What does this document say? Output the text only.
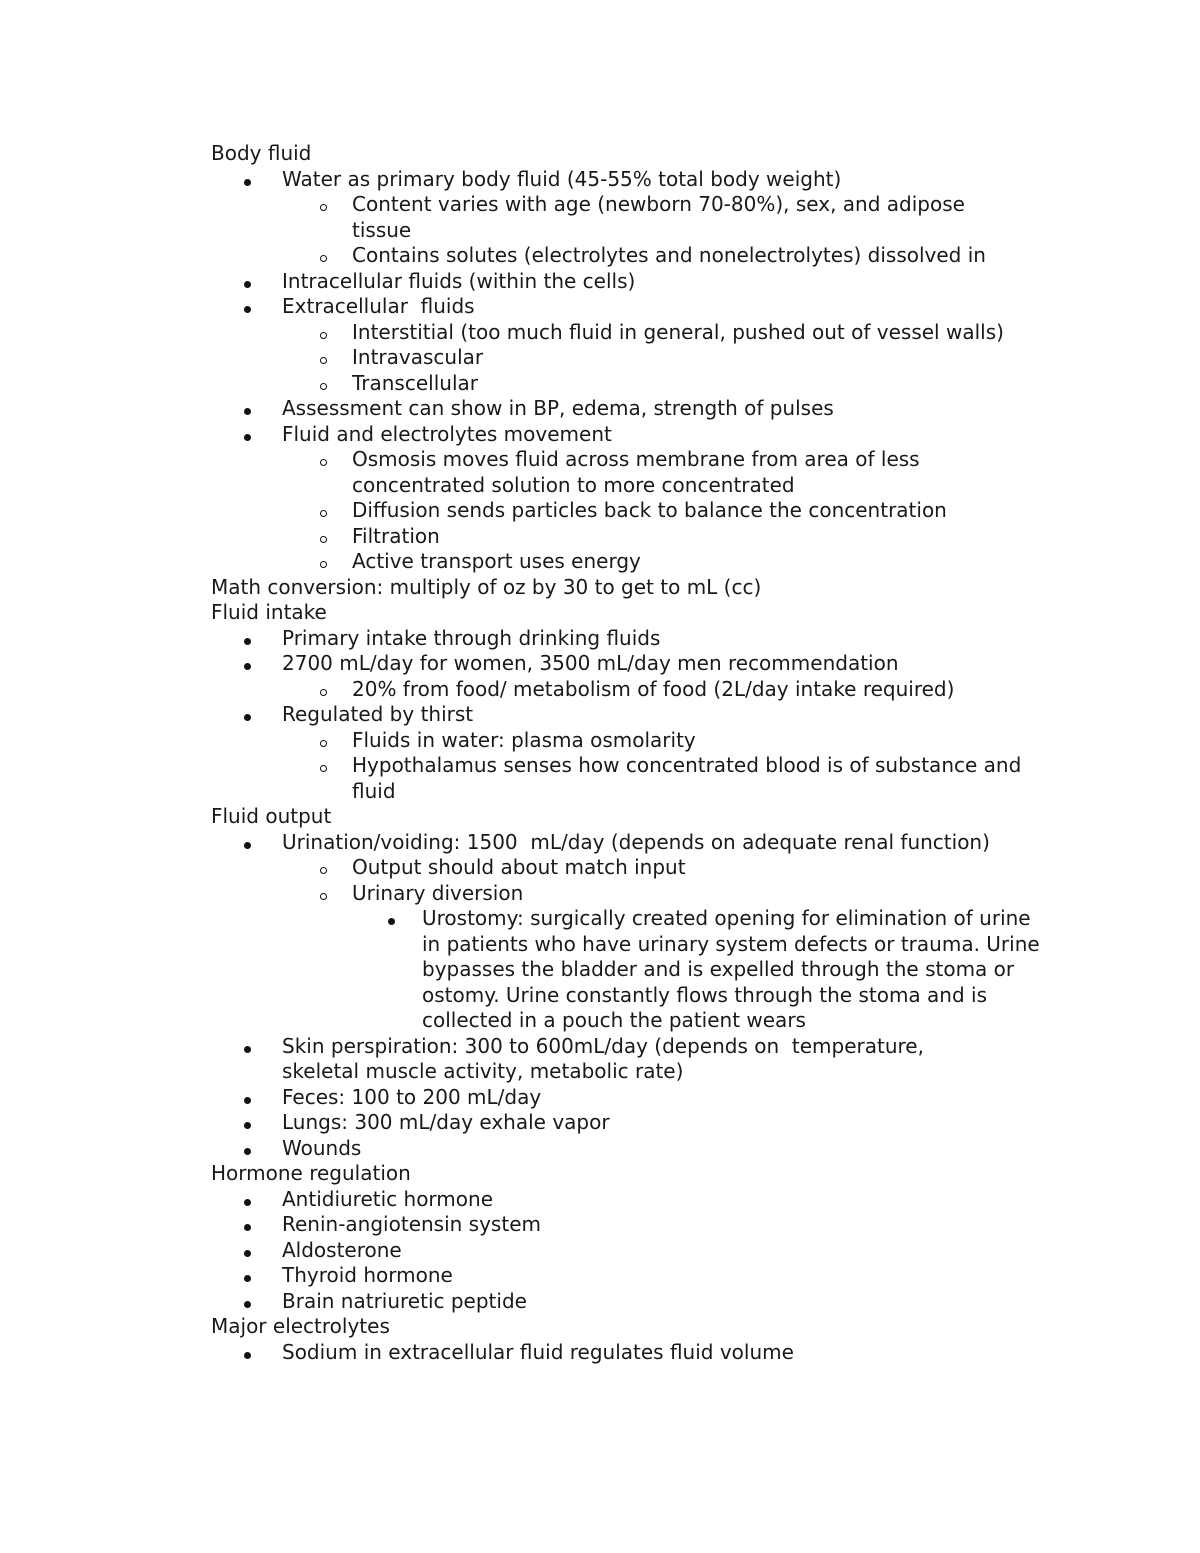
Body fluid
Water as primary body fluid (45-55% total body weight)
Content varies with age (newborn 70-80%), sex, and adipose tissue
Contains solutes (electrolytes and nonelectrolytes) dissolved in
Intracellular fluids (within the cells)
Extracellular  fluids
Interstitial (too much fluid in general, pushed out of vessel walls)
Intravascular
Transcellular
Assessment can show in BP, edema, strength of pulses
Fluid and electrolytes movement
Osmosis moves fluid across membrane from area of less concentrated solution to more concentrated
Diffusion sends particles back to balance the concentration
Filtration
Active transport uses energy
Math conversion: multiply of oz by 30 to get to mL (cc)
Fluid intake
Primary intake through drinking fluids
2700 mL/day for women, 3500 mL/day men recommendation
20% from food/ metabolism of food (2L/day intake required)
Regulated by thirst
Fluids in water: plasma osmolarity
Hypothalamus senses how concentrated blood is of substance and fluid
Fluid output
Urination/voiding: 1500  mL/day (depends on adequate renal function)
Output should about match input
Urinary diversion
Urostomy: surgically created opening for elimination of urine in patients who have urinary system defects or trauma. Urine bypasses the bladder and is expelled through the stoma or ostomy. Urine constantly flows through the stoma and is collected in a pouch the patient wears
Skin perspiration: 300 to 600mL/day (depends on  temperature, skeletal muscle activity, metabolic rate)
Feces: 100 to 200 mL/day
Lungs: 300 mL/day exhale vapor
Wounds
Hormone regulation
Antidiuretic hormone
Renin-angiotensin system
Aldosterone
Thyroid hormone
Brain natriuretic peptide
Major electrolytes
Sodium in extracellular fluid regulates fluid volume
